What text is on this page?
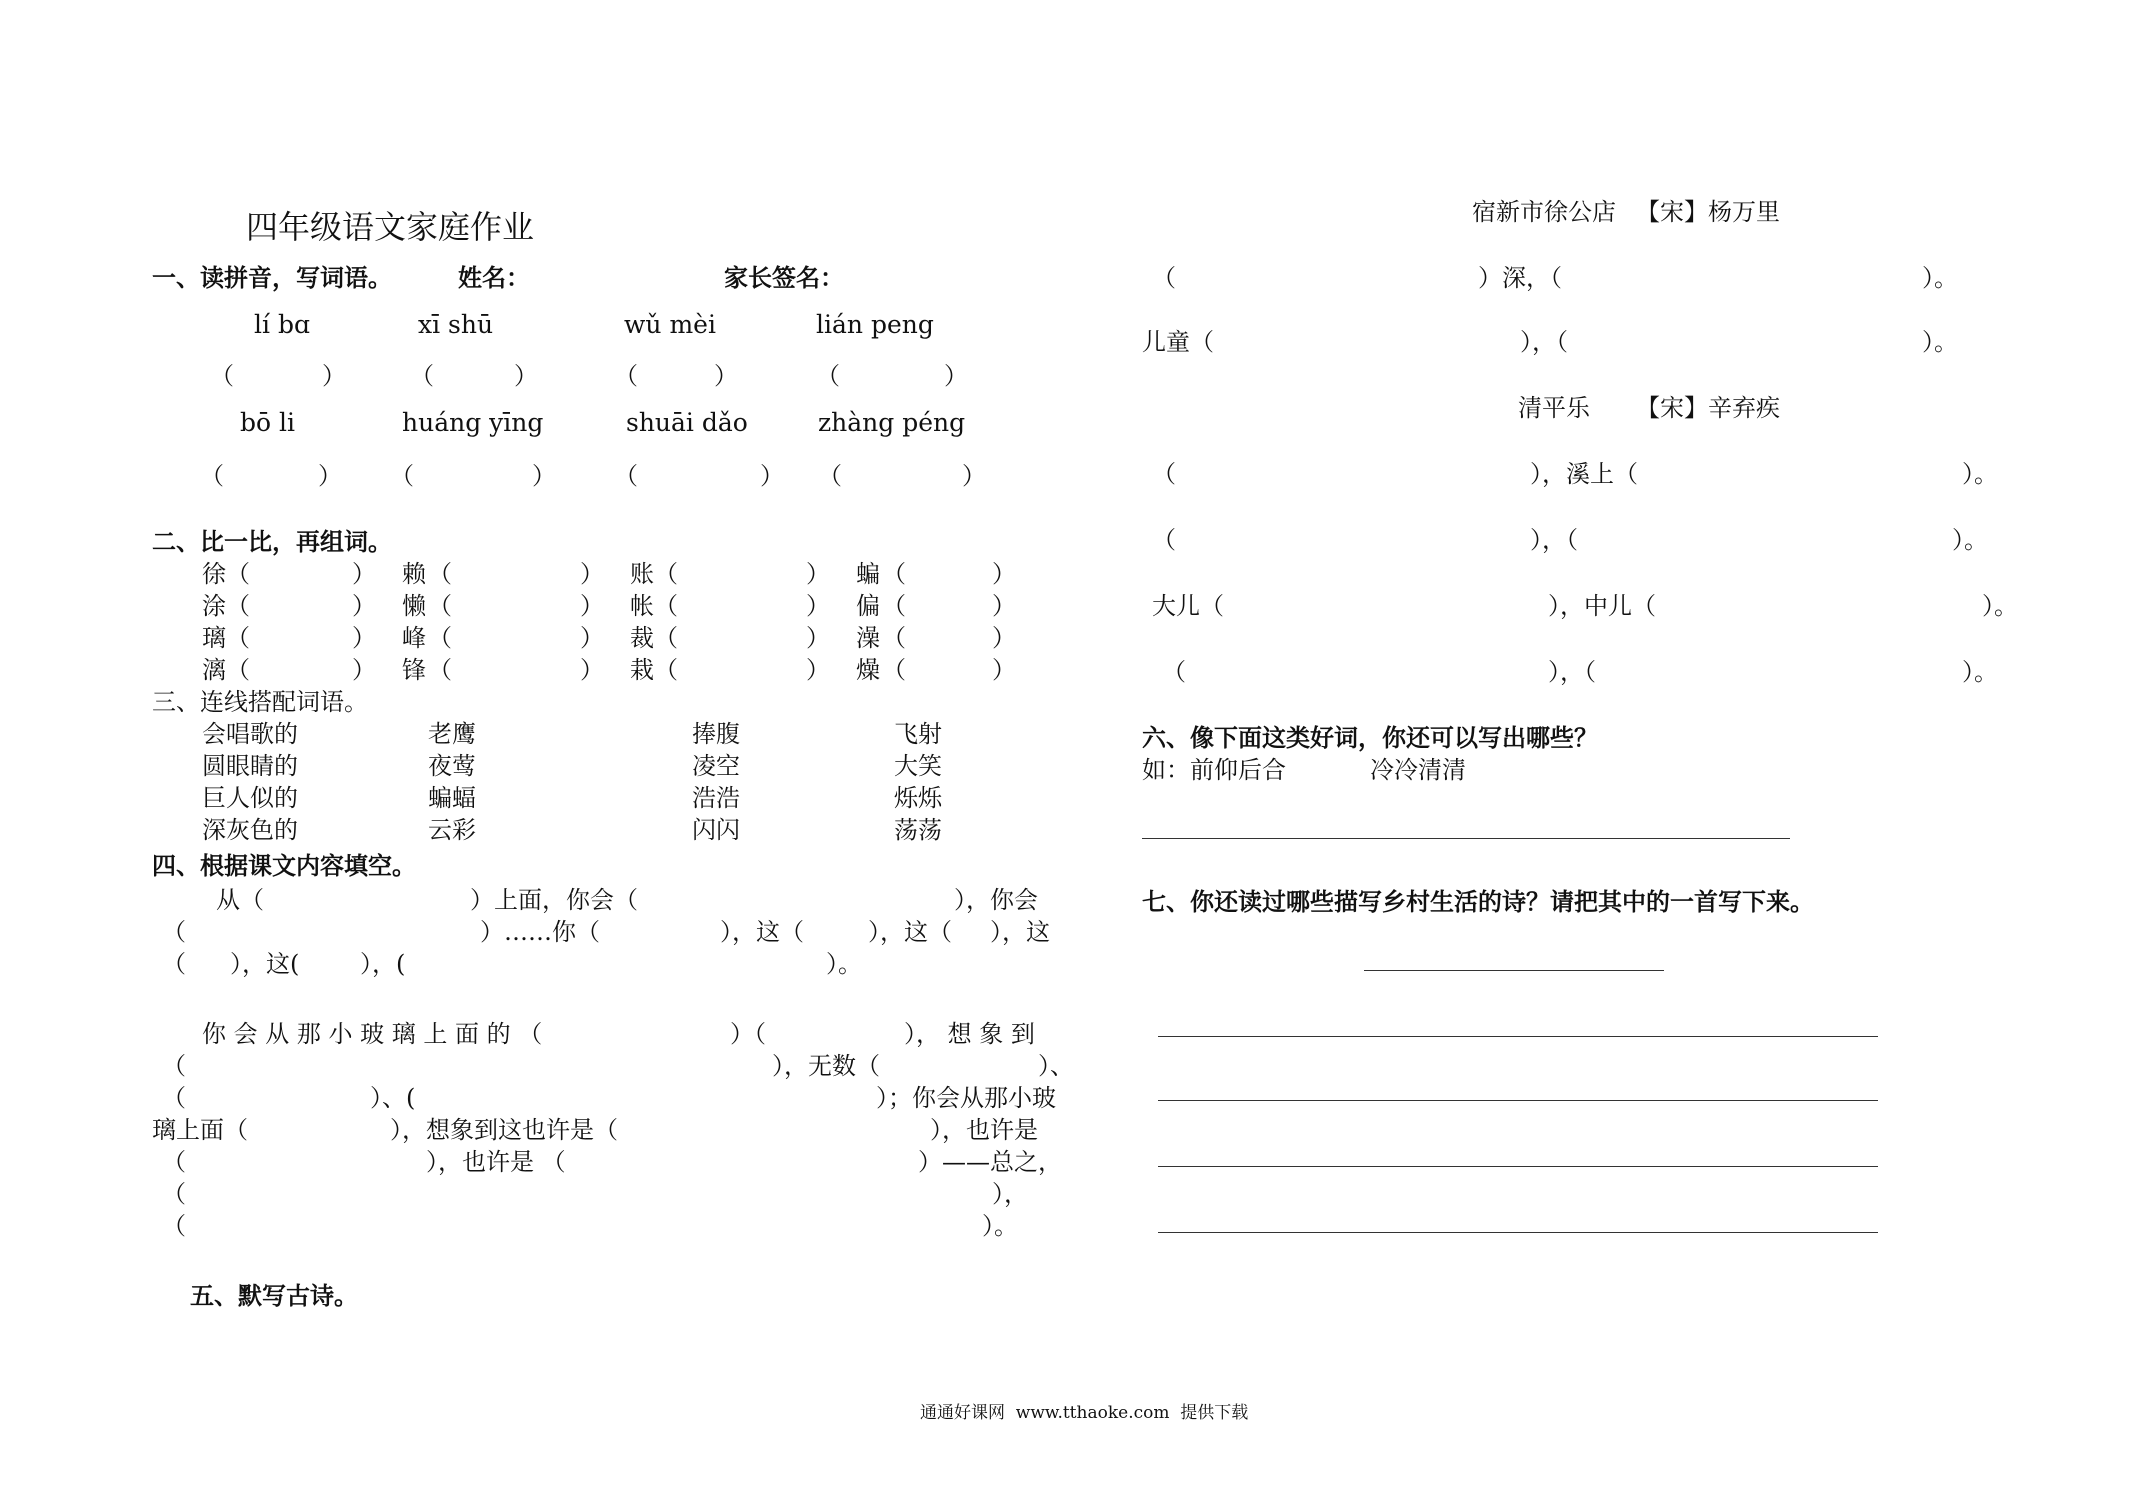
四年级语文家庭作业
一、读拼音，写词语。	姓名：	家长签名：
lí bɑ	xī shū	wǔ mèi	lián peng
（	）	（	）	（	）	（	）
bō li	huáng yīng	shuāi dǎo	zhàng péng
（	） （	） （	） （	）
二、比一比，再组词。
徐 （	） 赖 （	） 账 （	） 蝙 （	）
涂 （	） 懒 （	） 帐 （	） 偏 （	）
璃 （	） 峰 （	） 裁 （	） 澡 （	）
漓 （	） 锋 （	） 栽 （	） 燥 （	）
三、连线搭配词语。
会唱歌的	老鹰	捧腹	飞射
圆眼睛的	夜莺	凌空	大笑
巨人似的	蝙蝠	浩浩	烁烁
深灰色的	云彩	闪闪	荡荡
四、根据课文内容填空。
从（	）上面，你会（	），你会
（	）……你（	），这（	），这（ ），这
（ ），这(	），(	）。
你 会 从 那 小 玻 璃 上 面 的 （	）（	）， 想 象 到
（	），无数（	）、
（	）、(	）；你会从那小玻
璃上面（	），想象到这也许是（	），也许是
（	），也许是 （	）——总之，
（	），
（	）。
五、默写古诗。
宿新市徐公店 【宋】杨万里
（	）深，（	）。
儿童（	），（	）。
清平乐 【宋】辛弃疾
（	），溪上（	）。
（	），（	）。
大儿（	），中儿（	）。
（	），（	）。
六、像下面这类好词，你还可以写出哪些？
如：前仰后合	冷冷清清
七、你还读过哪些描写乡村生活的诗？请把其中的一首写下来。
通通好课网  www.tthaoke.com  提供下载
